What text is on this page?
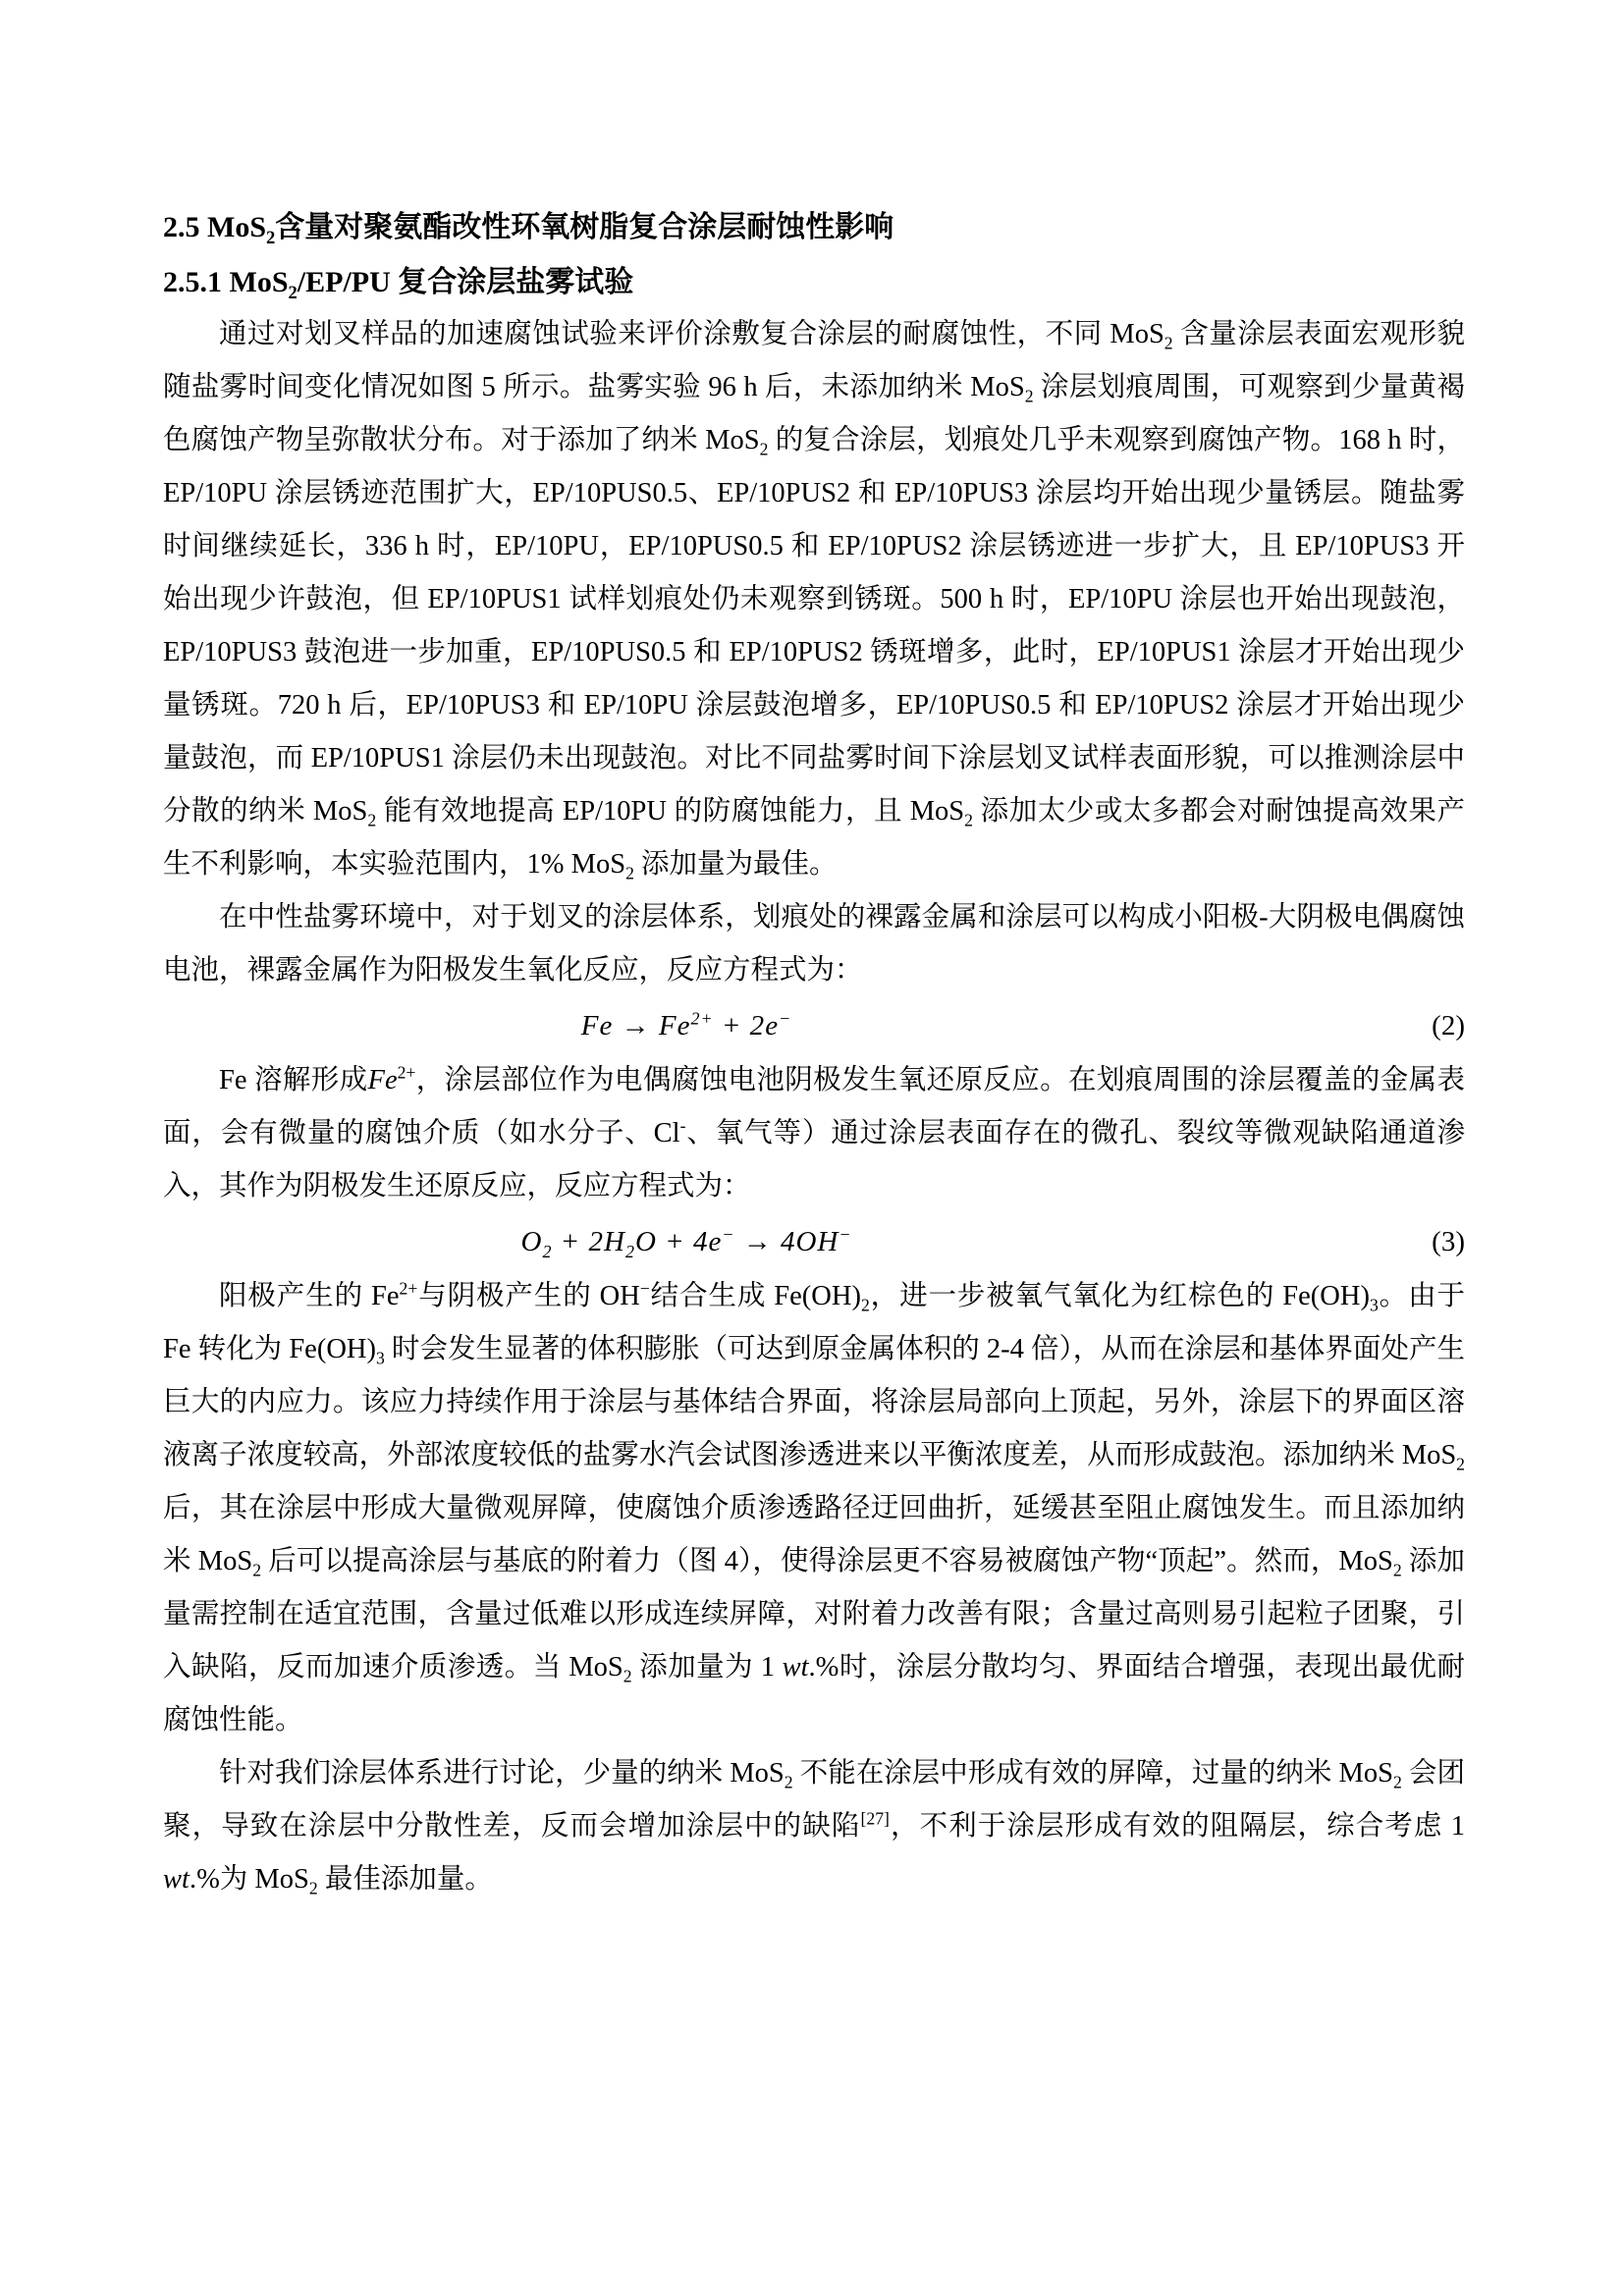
2.5 MoS$_2$含量对聚氨酯改性环氧树脂复合涂层耐蚀性影响
2.5.1 MoS$_2$/EP/PU 复合涂层盐雾试验

通过对划叉样品的加速腐蚀试验来评价涂敷复合涂层的耐腐蚀性，不同 MoS$_2$ 含量涂层表面宏观形貌随盐雾时间变化情况如图 5 所示。盐雾实验 96 h 后，未添加纳米 MoS$_2$ 涂层划痕周围，可观察到少量黄褐色腐蚀产物呈弥散状分布。对于添加了纳米 MoS$_2$ 的复合涂层，划痕处几乎未观察到腐蚀产物。168 h 时，EP/10PU 涂层锈迹范围扩大，EP/10PUS0.5、EP/10PUS2 和 EP/10PUS3 涂层均开始出现少量锈层。随盐雾时间继续延长，336 h 时，EP/10PU，EP/10PUS0.5 和 EP/10PUS2 涂层锈迹进一步扩大，且 EP/10PUS3 开始出现少许鼓泡，但 EP/10PUS1 试样划痕处仍未观察到锈斑。500 h 时，EP/10PU 涂层也开始出现鼓泡，EP/10PUS3 鼓泡进一步加重，EP/10PUS0.5 和 EP/10PUS2 锈斑增多，此时，EP/10PUS1 涂层才开始出现少量锈斑。720 h 后，EP/10PUS3 和 EP/10PU 涂层鼓泡增多，EP/10PUS0.5 和 EP/10PUS2 涂层才开始出现少量鼓泡，而 EP/10PUS1 涂层仍未出现鼓泡。对比不同盐雾时间下涂层划叉试样表面形貌，可以推测涂层中分散的纳米 MoS$_2$ 能有效地提高 EP/10PU 的防腐蚀能力，且 MoS$_2$ 添加太少或太多都会对耐蚀提高效果产生不利影响，本实验范围内，1% MoS$_2$ 添加量为最佳。

在中性盐雾环境中，对于划叉的涂层体系，划痕处的裸露金属和涂层可以构成小阳极-大阴极电偶腐蚀电池，裸露金属作为阳极发生氧化反应，反应方程式为：

$Fe \to Fe^{2+} + 2e^-$	(2)

Fe 溶解形成$Fe^{2+}$，涂层部位作为电偶腐蚀电池阴极发生氧还原反应。在划痕周围的涂层覆盖的金属表面，会有微量的腐蚀介质（如水分子、Cl-、氧气等）通过涂层表面存在的微孔、裂纹等微观缺陷通道渗入，其作为阴极发生还原反应，反应方程式为：

$O_2 + 2H_2O + 4e^- \to 4OH^-$	(3)

阳极产生的 $Fe^{2+}$与阴极产生的 OH−结合生成 $Fe(OH)_2$，进一步被氧气氧化为红棕色的 $Fe(OH)_3$。由于 Fe 转化为 $Fe(OH)_3$ 时会发生显著的体积膨胀（可达到原金属体积的 2-4 倍），从而在涂层和基体界面处产生巨大的内应力。该应力持续作用于涂层与基体结合界面，将涂层局部向上顶起，另外，涂层下的界面区溶液离子浓度较高，外部浓度较低的盐雾水汽会试图渗透进来以平衡浓度差，从而形成鼓泡。添加纳米 MoS$_2$ 后，其在涂层中形成大量微观屏障，使腐蚀介质渗透路径迂回曲折，延缓甚至阻止腐蚀发生。而且添加纳米 MoS$_2$ 后可以提高涂层与基底的附着力（图 4），使得涂层更不容易被腐蚀产物“顶起”。然而，MoS$_2$ 添加量需控制在适宜范围，含量过低难以形成连续屏障，对附着力改善有限；含量过高则易引起粒子团聚，引入缺陷，反而加速介质渗透。当 MoS$_2$ 添加量为 1 wt.%时，涂层分散均匀、界面结合增强，表现出最优耐腐蚀性能。

针对我们涂层体系进行讨论，少量的纳米 MoS$_2$ 不能在涂层中形成有效的屏障，过量的纳米 MoS$_2$ 会团聚，导致在涂层中分散性差，反而会增加涂层中的缺陷[27]，不利于涂层形成有效的阻隔层，综合考虑 1 wt.%为 MoS$_2$ 最佳添加量。
